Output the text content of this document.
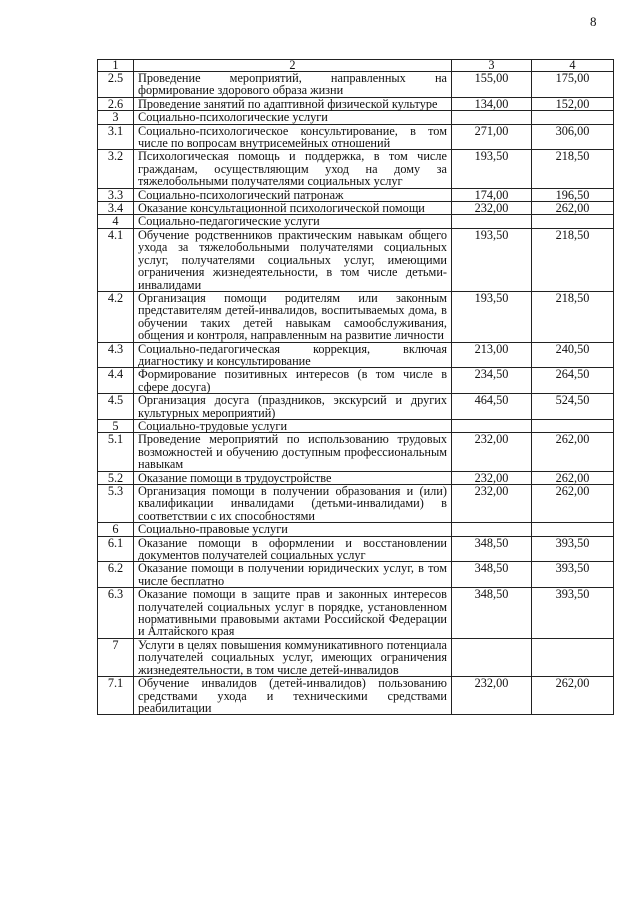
8
1	2	3	4
2.5	Проведение мероприятий, направленных на формирование здорового образа жизни	155,00	175,00
2.6	Проведение занятий по адаптивной физической культуре	134,00	152,00
3	Социально-психологические услуги		
3.1	Социально-психологическое консультирование, в том числе по вопросам внутрисемейных отношений	271,00	306,00
3.2	Психологическая помощь и поддержка, в том числе гражданам, осуществляющим уход на дому за тяжелобольными получателями социальных услуг	193,50	218,50
3.3	Социально-психологический патронаж	174,00	196,50
3.4	Оказание консультационной психологической помощи	232,00	262,00
4	Социально-педагогические услуги		
4.1	Обучение родственников практическим навыкам общего ухода за тяжелобольными получателями социальных услуг, получателями социальных услуг, имеющими ограничения жизнедеятельности, в том числе детьми-инвалидами	193,50	218,50
4.2	Организация помощи родителям или законным представителям детей-инвалидов, воспитываемых дома, в обучении таких детей навыкам самообслуживания, общения и контроля, направленным на развитие личности	193,50	218,50
4.3	Социально-педагогическая коррекция, включая диагностику и консультирование	213,00	240,50
4.4	Формирование позитивных интересов (в том числе в сфере досуга)	234,50	264,50
4.5	Организация досуга (праздников, экскурсий и других культурных мероприятий)	464,50	524,50
5	Социально-трудовые услуги		
5.1	Проведение мероприятий по использованию трудовых возможностей и обучению доступным профессиональным навыкам	232,00	262,00
5.2	Оказание помощи в трудоустройстве	232,00	262,00
5.3	Организация помощи в получении образования и (или) квалификации инвалидами (детьми-инвалидами) в соответствии с их способностями	232,00	262,00
6	Социально-правовые услуги		
6.1	Оказание помощи в оформлении и восстановлении документов получателей социальных услуг	348,50	393,50
6.2	Оказание помощи в получении юридических услуг, в том числе бесплатно	348,50	393,50
6.3	Оказание помощи в защите прав и законных интересов получателей социальных услуг в порядке, установленном нормативными правовыми актами Российской Федерации и Алтайского края	348,50	393,50
7	Услуги в целях повышения коммуникативного потенциала получателей социальных услуг, имеющих ограничения жизнедеятельности, в том числе детей-инвалидов		
7.1	Обучение инвалидов (детей-инвалидов) пользованию средствами ухода и техническими средствами реабилитации	232,00	262,00
